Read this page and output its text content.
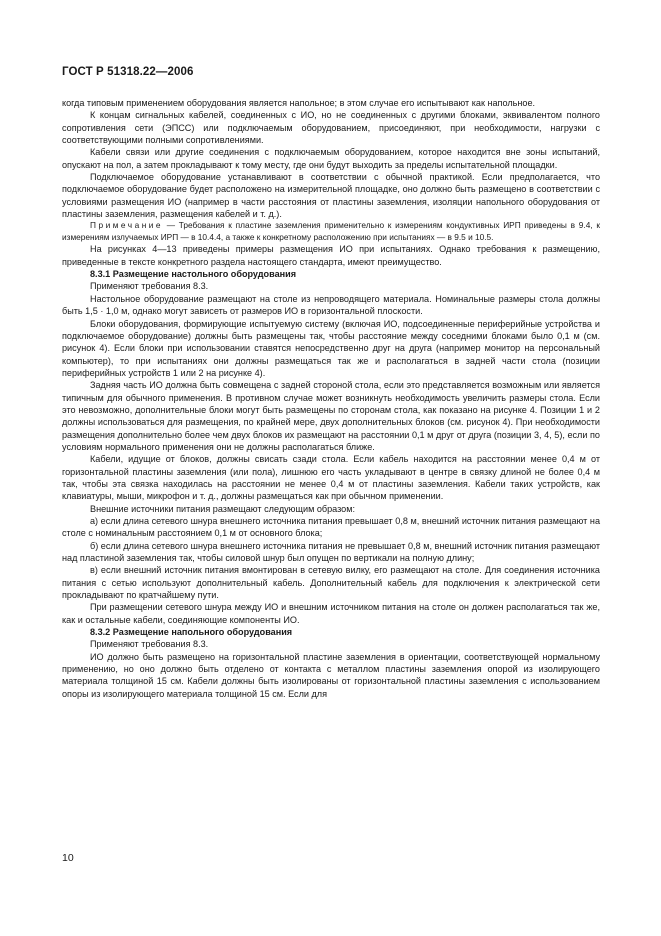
ГОСТ Р 51318.22—2006

когда типовым применением оборудования является напольное; в этом случае его испытывают как напольное.

К концам сигнальных кабелей, соединенных с ИО, но не соединенных с другими блоками, эквивалентом полного сопротивления сети (ЭПСС) или подключаемым оборудованием, присоединяют, при необходимости, нагрузки с соответствующими полными сопротивлениями.

Кабели связи или другие соединения с подключаемым оборудованием, которое находится вне зоны испытаний, опускают на пол, а затем прокладывают к тому месту, где они будут выходить за пределы испытательной площадки.

Подключаемое оборудование устанавливают в соответствии с обычной практикой. Если предполагается, что подключаемое оборудование будет расположено на измерительной площадке, оно должно быть размещено в соответствии с условиями размещения ИО (например в части расстояния от пластины заземления, изоляции напольного оборудования от пластины заземления, размещения кабелей и т. д.).

Примечание — Требования к пластине заземления применительно к измерениям кондуктивных ИРП приведены в 9.4, к измерениям излучаемых ИРП — в 10.4.4, а также к конкретному расположению при испытаниях — в 9.5 и 10.5.

На рисунках 4—13 приведены примеры размещения ИО при испытаниях. Однако требования к размещению, приведенные в тексте конкретного раздела настоящего стандарта, имеют преимущество.

8.3.1 Размещение настольного оборудования

Применяют требования 8.3.

Настольное оборудование размещают на столе из непроводящего материала. Номинальные размеры стола должны быть 1,5 · 1,0 м, однако могут зависеть от размеров ИО в горизонтальной плоскости.

Блоки оборудования, формирующие испытуемую систему (включая ИО, подсоединенные периферийные устройства и подключаемое оборудование) должны быть размещены так, чтобы расстояние между соседними блоками было 0,1 м (см. рисунок 4). Если блоки при использовании ставятся непосредственно друг на друга (например монитор на персональный компьютер), то при испытаниях они должны размещаться так же и располагаться в задней части стола (позиции периферийных устройств 1 или 2 на рисунке 4).

Задняя часть ИО должна быть совмещена с задней стороной стола, если это представляется возможным или является типичным для обычного применения. В противном случае может возникнуть необходимость увеличить размеры стола. Если это невозможно, дополнительные блоки могут быть размещены по сторонам стола, как показано на рисунке 4. Позиции 1 и 2 должны использоваться для размещения, по крайней мере, двух дополнительных блоков (см. рисунок 4). При необходимости размещения дополнительно более чем двух блоков их размещают на расстоянии 0,1 м друг от друга (позиции 3, 4, 5), если по условиям нормального применения они не должны располагаться ближе.

Кабели, идущие от блоков, должны свисать сзади стола. Если кабель находится на расстоянии менее 0,4 м от горизонтальной пластины заземления (или пола), лишнюю его часть укладывают в центре в связку длиной не более 0,4 м так, чтобы эта связка находилась на расстоянии не менее 0,4 м от пластины заземления. Кабели таких устройств, как клавиатуры, мыши, микрофон и т. д., должны размещаться как при обычном применении.

Внешние источники питания размещают следующим образом:

а) если длина сетевого шнура внешнего источника питания превышает 0,8 м, внешний источник питания размещают на столе с номинальным расстоянием 0,1 м от основного блока;

б) если длина сетевого шнура внешнего источника питания не превышает 0,8 м, внешний источник питания размещают над пластиной заземления так, чтобы силовой шнур был опущен по вертикали на полную длину;

в) если внешний источник питания вмонтирован в сетевую вилку, его размещают на столе. Для соединения источника питания с сетью используют дополнительный кабель. Дополнительный кабель для подключения к электрической сети прокладывают по кратчайшему пути.

При размещении сетевого шнура между ИО и внешним источником питания на столе он должен располагаться так же, как и остальные кабели, соединяющие компоненты ИО.

8.3.2 Размещение напольного оборудования

Применяют требования 8.3.

ИО должно быть размещено на горизонтальной пластине заземления в ориентации, соответствующей нормальному применению, но оно должно быть отделено от контакта с металлом пластины заземления опорой из изолирующего материала толщиной 15 см. Кабели должны быть изолированы от горизонтальной пластины заземления с использованием опоры из изолирующего материала толщиной 15 см. Если для

10
